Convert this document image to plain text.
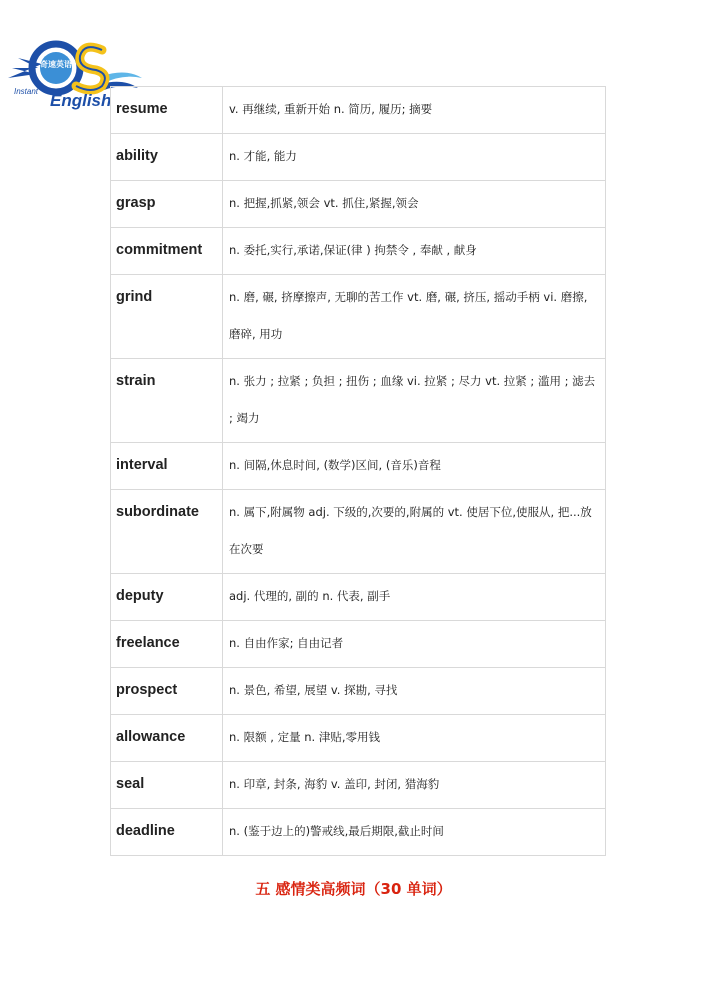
奇速英语
Instant English resume	v. 再继续, 重新开始 n. 简历, 履历; 摘要

ability	n. 才能, 能力

grasp	n. 把握,抓紧,领会 vt. 抓住,紧握,领会

commitment	n. 委托,实行,承诺,保证(律 ) 拘禁令 , 奉献 , 献身

grind	n. 磨, 碾, 挤摩擦声, 无聊的苦工作 vt. 磨, 碾, 挤压, 摇动手柄 vi. 磨擦, 磨碎, 用功

strain	n. 张力 ; 拉紧 ; 负担 ; 扭伤 ; 血缘 vi. 拉紧 ; 尽力 vt. 拉紧 ; 滥用 ; 滤去 ; 竭力

interval	n. 间隔,休息时间, (数学)区间, (音乐)音程

subordinate	n. 属下,附属物 adj. 下级的,次要的,附属的 vt. 使居下位,使服从, 把...放在次要

deputy	adj. 代理的, 副的 n. 代表, 副手

freelance	n. 自由作家; 自由记者

prospect	n. 景色, 希望, 展望 v. 探勘, 寻找

allowance	n. 限额 , 定量 n. 津贴,零用钱

seal	n. 印章, 封条, 海豹 v. 盖印, 封闭, 猎海豹

deadline	n. (鉴于边上的)警戒线,最后期限,截止时间
五 感情类高频词（30 单词）
